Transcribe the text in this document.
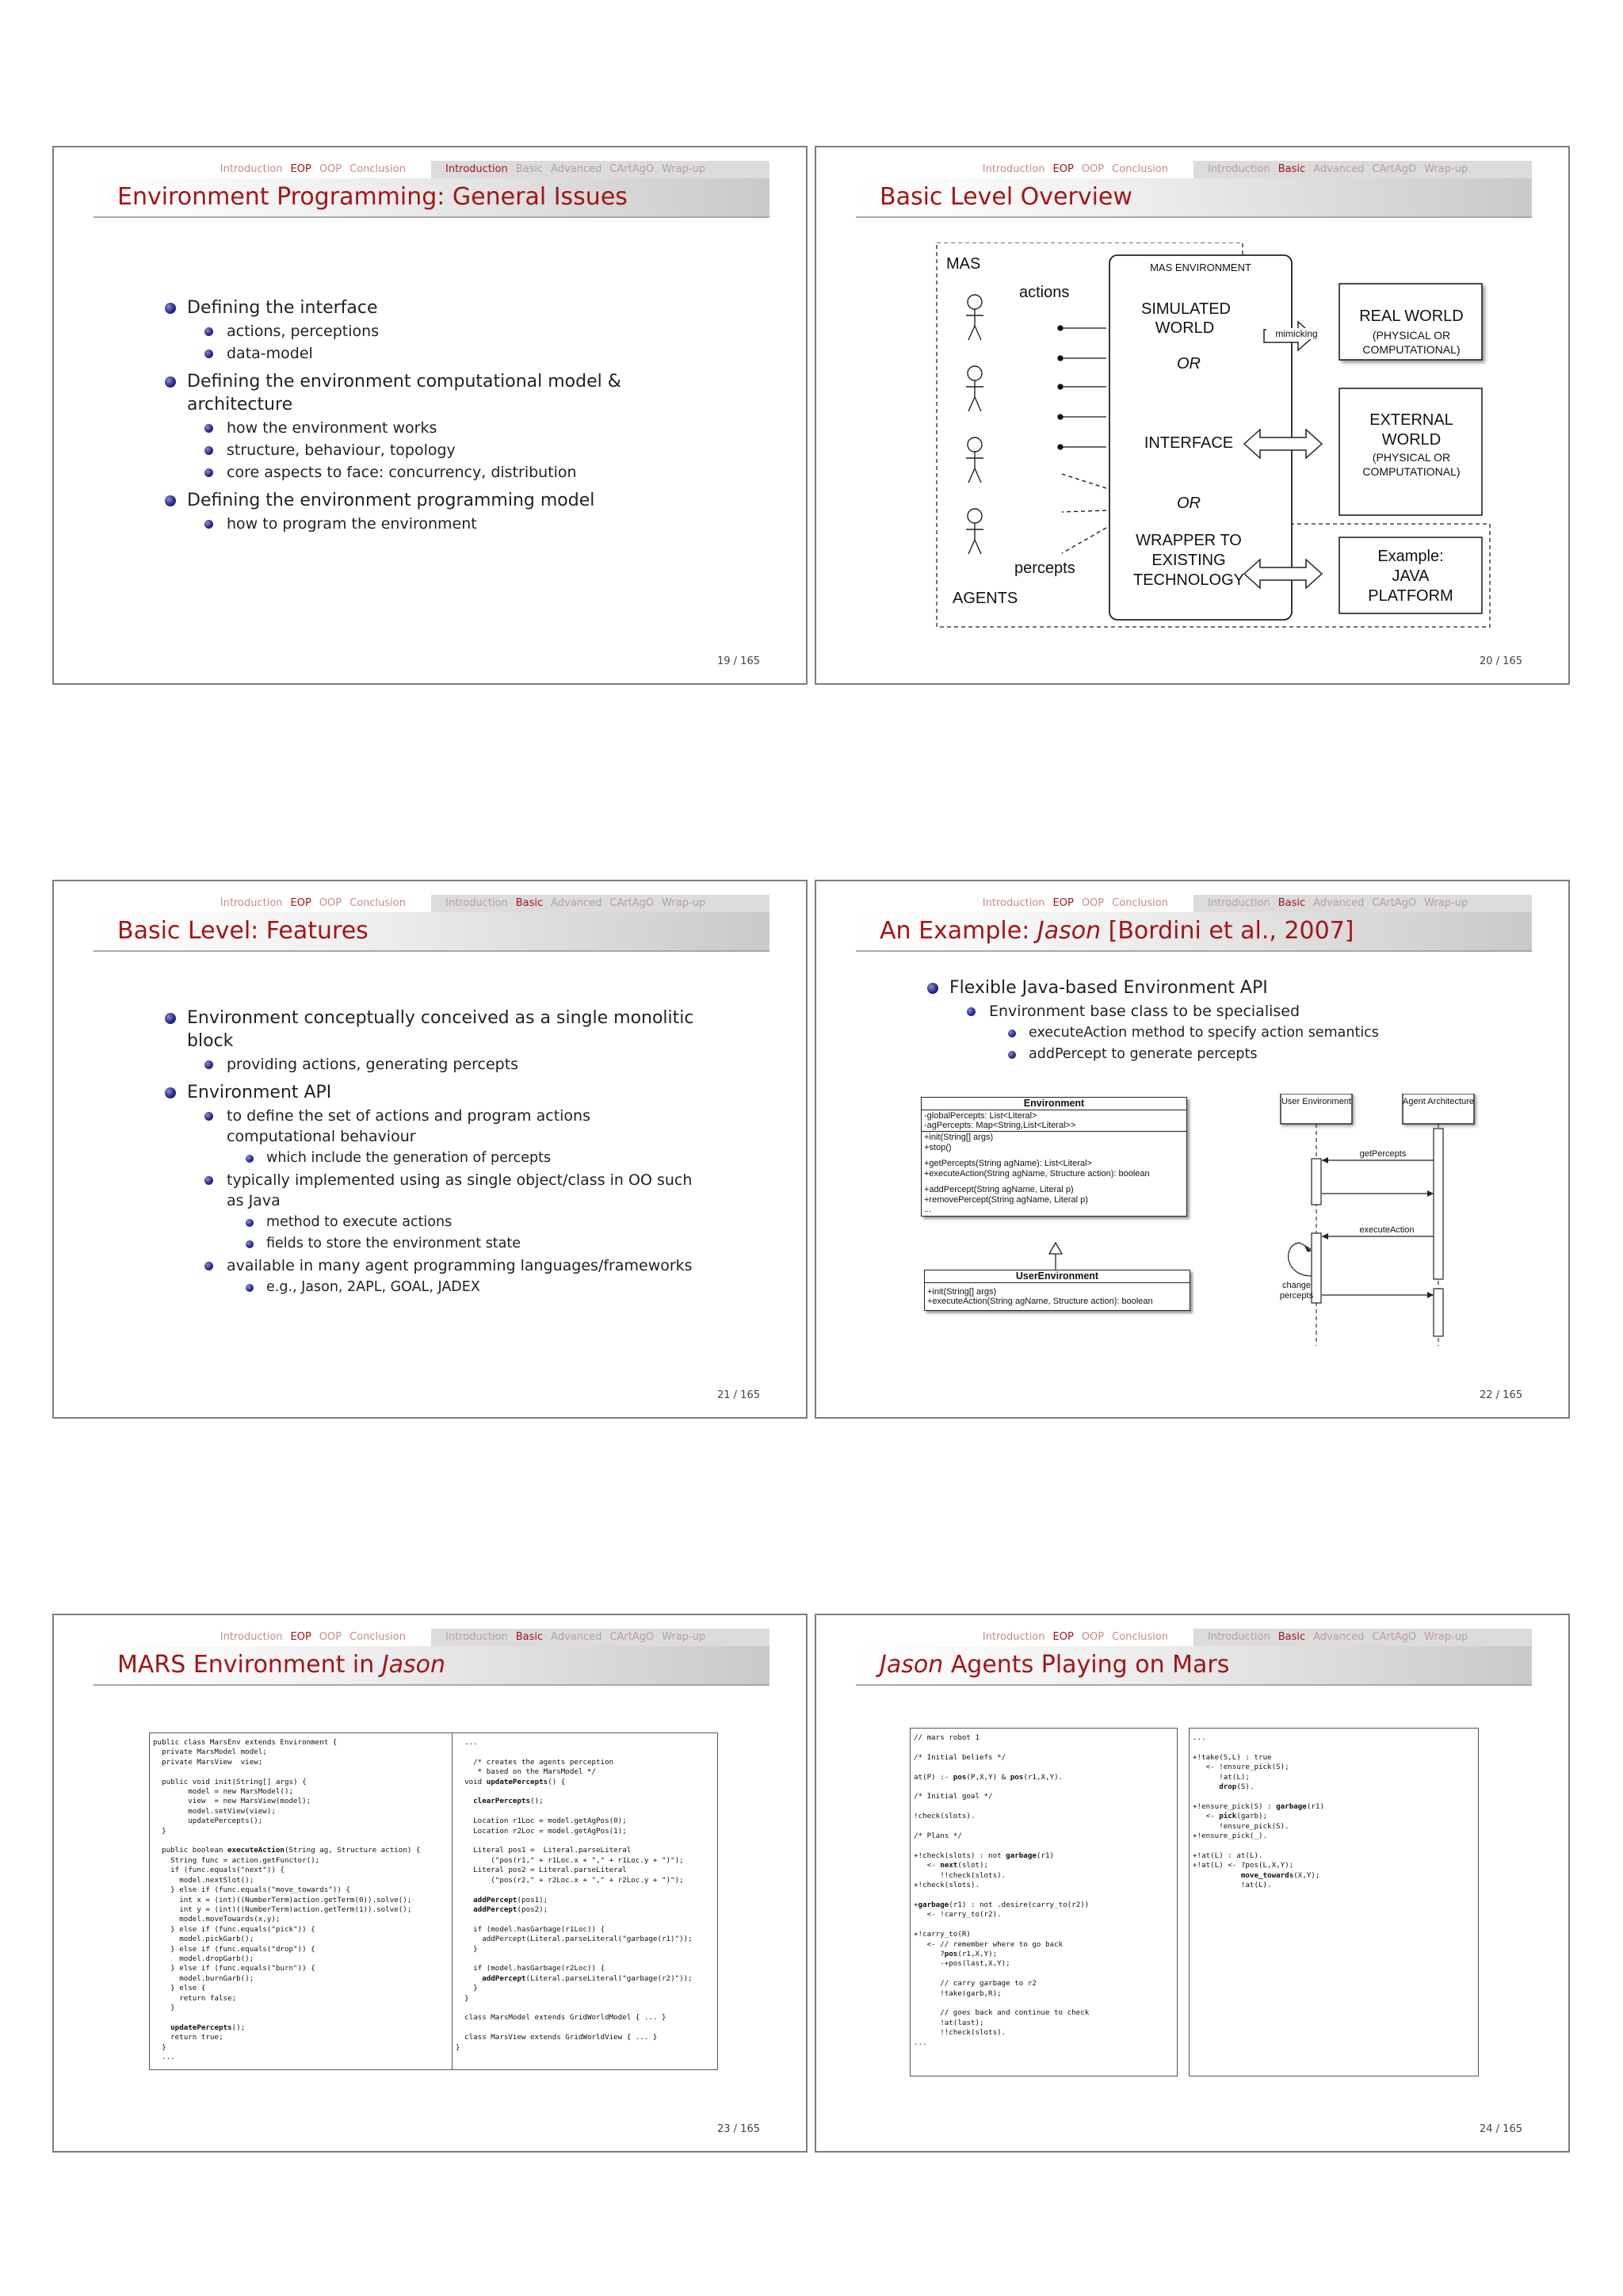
Introduction EOP OOP Conclusion	Introduction Basic Advanced CArtAgO Wrap-up
Environment Programming: General Issues
Defining the interface
actions, perceptions
data-model
Defining the environment computational model & architecture
how the environment works
structure, behaviour, topology
core aspects to face: concurrency, distribution
Defining the environment programming model
how to program the environment
19 / 165
Introduction EOP OOP Conclusion	Introduction Basic Advanced CArtAgO Wrap-up
Basic Level Overview
MAS
actions
percepts
AGENTS
MAS ENVIRONMENT
SIMULATED WORLD
OR
INTERFACE
OR
WRAPPER TO EXISTING TECHNOLOGY
mimicking
REAL WORLD
(PHYSICAL OR COMPUTATIONAL)
EXTERNAL WORLD
(PHYSICAL OR COMPUTATIONAL)
Example: JAVA PLATFORM
20 / 165
Introduction EOP OOP Conclusion	Introduction Basic Advanced CArtAgO Wrap-up
Basic Level: Features
Environment conceptually conceived as a single monolitic block
providing actions, generating percepts
Environment API
to define the set of actions and program actions computational behaviour
which include the generation of percepts
typically implemented using as single object/class in OO such as Java
method to execute actions
fields to store the environment state
available in many agent programming languages/frameworks
e.g., Jason, 2APL, GOAL, JADEX
21 / 165
Introduction EOP OOP Conclusion	Introduction Basic Advanced CArtAgO Wrap-up
An Example: Jason [Bordini et al., 2007]
Flexible Java-based Environment API
Environment base class to be specialised
executeAction method to specify action semantics
addPercept to generate percepts
Environment
-globalPercepts: List<Literal>
-agPercepts: Map<String,List<Literal>>
+init(String[] args)
+stop()
+getPercepts(String agName): List<Literal>
+executeAction(String agName, Structure action): boolean
+addPercept(String agName, Literal p)
+removePercept(String agName, Literal p)
...
UserEnvironment
+init(String[] args)
+executeAction(String agName, Structure action): boolean
User Environment	Agent Architecture
getPercepts
executeAction
change percepts
22 / 165
Introduction EOP OOP Conclusion	Introduction Basic Advanced CArtAgO Wrap-up
MARS Environment in Jason
public class MarsEnv extends Environment {
private MarsModel model;
private MarsView  view;

public void init(String[] args) {
model = new MarsModel();
view  = new MarsView(model);
model.setView(view);
updatePercepts();
}

public boolean executeAction(String ag, Structure action) {
String func = action.getFunctor();
if (func.equals("next")) {
model.nextSlot();
} else if (func.equals("move_towards")) {
int x = (int)((NumberTerm)action.getTerm(0)).solve();
int y = (int)((NumberTerm)action.getTerm(1)).solve();
model.moveTowards(x,y);
} else if (func.equals("pick")) {
model.pickGarb();
} else if (func.equals("drop")) {
model.dropGarb();
} else if (func.equals("burn")) {
model.burnGarb();
} else {
return false;
}

updatePercepts();
return true;
}
...
...

/* creates the agents perception
* based on the MarsModel */
void updatePercepts() {

clearPercepts();

Location r1Loc = model.getAgPos(0);
Location r2Loc = model.getAgPos(1);

Literal pos1 =  Literal.parseLiteral
("pos(r1," + r1Loc.x + "," + r1Loc.y + ")");
Literal pos2 = Literal.parseLiteral
("pos(r2," + r2Loc.x + "," + r2Loc.y + ")");

addPercept(pos1);
addPercept(pos2);

if (model.hasGarbage(r1Loc)) {
addPercept(Literal.parseLiteral("garbage(r1)"));
}

if (model.hasGarbage(r2Loc)) {
addPercept(Literal.parseLiteral("garbage(r2)"));
}
}

class MarsModel extends GridWorldModel { ... }

class MarsView extends GridWorldView { ... }
}
23 / 165
Introduction EOP OOP Conclusion	Introduction Basic Advanced CArtAgO Wrap-up
Jason Agents Playing on Mars
// mars robot 1

/* Initial beliefs */

at(P) :- pos(P,X,Y) & pos(r1,X,Y).

/* Initial goal */

!check(slots).

/* Plans */

+!check(slots) : not garbage(r1)
<- next(slot);
!!check(slots).
+!check(slots).

+garbage(r1) : not .desire(carry_to(r2))
<- !carry_to(r2).

+!carry_to(R)
<- // remember where to go back
?pos(r1,X,Y);
-+pos(last,X,Y);

// carry garbage to r2
!take(garb,R);

// goes back and continue to check
!at(last);
!!check(slots).
...
...

+!take(S,L) : true
<- !ensure_pick(S);
!at(L);
drop(S).

+!ensure_pick(S) : garbage(r1)
<- pick(garb);
!ensure_pick(S).
+!ensure_pick(_).

+!at(L) : at(L).
+!at(L) <- ?pos(L,X,Y);
move_towards(X,Y);
!at(L).
24 / 165
